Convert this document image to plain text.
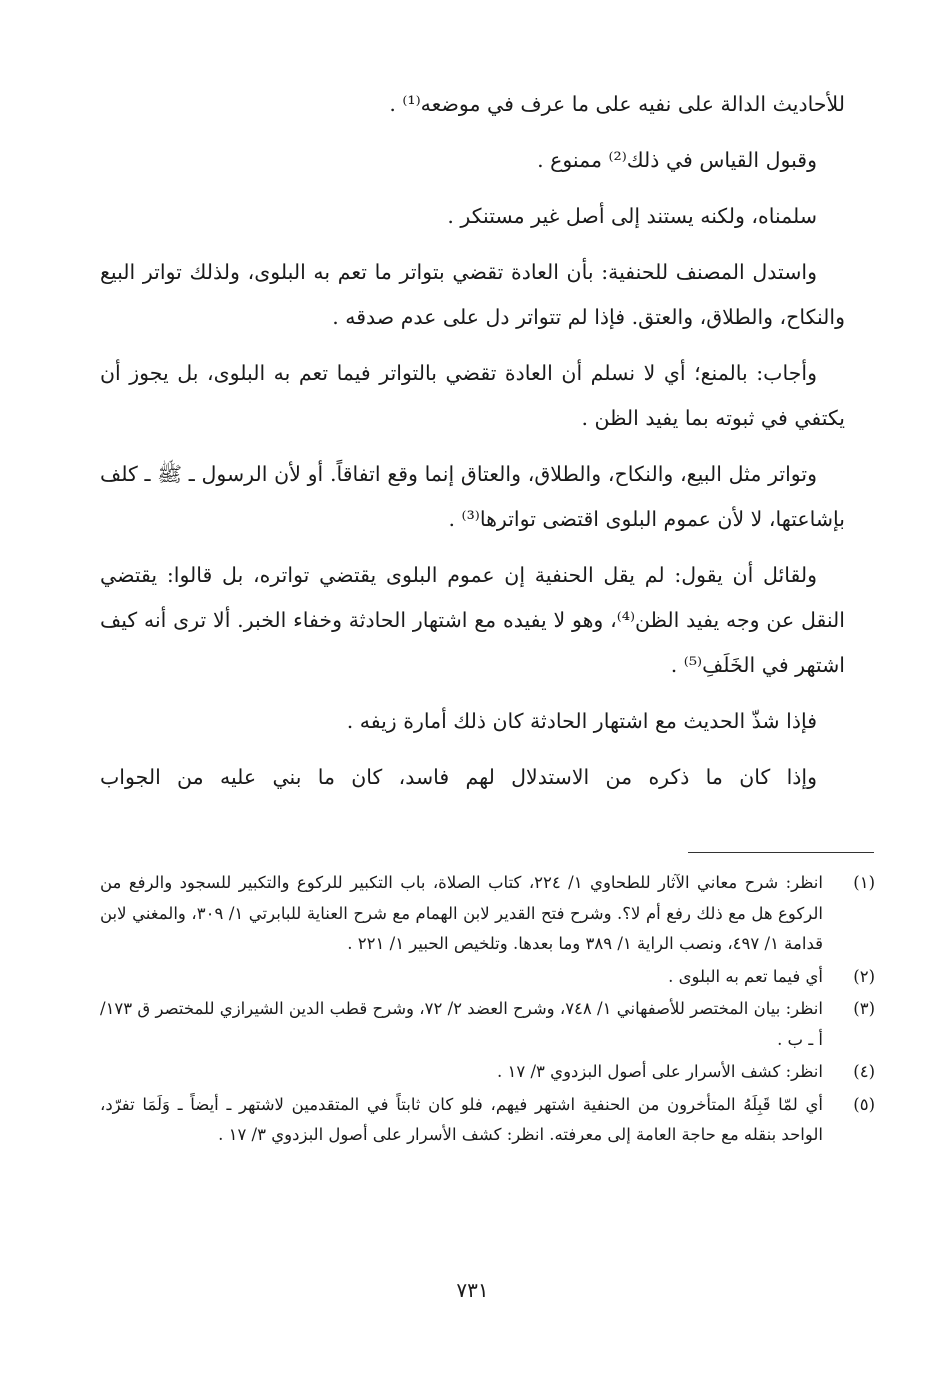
للأحاديث الدالة على نفيه على ما عرف في موضعه⁽¹⁾ .

وقبول القياس في ذلك⁽²⁾ ممنوع .

سلمناه، ولكنه يستند إلى أصل غير مستنكر .

واستدل المصنف للحنفية: بأن العادة تقضي بتواتر ما تعم به البلوى، ولذلك تواتر البيع والنكاح، والطلاق، والعتق. فإذا لم تتواتر دل على عدم صدقه .

وأجاب: بالمنع؛ أي لا نسلم أن العادة تقضي بالتواتر فيما تعم به البلوى، بل يجوز أن يكتفي في ثبوته بما يفيد الظن .

وتواتر مثل البيع، والنكاح، والطلاق، والعتاق إنما وقع اتفاقاً. أو لأن الرسول ـ ﷺ ـ كلف بإشاعتها، لا لأن عموم البلوى اقتضى تواترها⁽³⁾ .

ولقائل أن يقول: لم يقل الحنفية إن عموم البلوى يقتضي تواتره، بل قالوا: يقتضي النقل عن وجه يفيد الظن⁽⁴⁾، وهو لا يفيده مع اشتهار الحادثة وخفاء الخبر. ألا ترى أنه كيف اشتهر في الخَلَفِ⁽⁵⁾ .

فإذا شذّ الحديث مع اشتهار الحادثة كان ذلك أمارة زيفه .

وإذا كان ما ذكره من الاستدلال لهم فاسد، كان ما بني عليه من الجواب

(١)
انظر: شرح معاني الآثار للطحاوي ١/ ٢٢٤، كتاب الصلاة، باب التكبير للركوع والتكبير للسجود والرفع من الركوع هل مع ذلك رفع أم لا؟. وشرح فتح القدير لابن الهمام مع شرح العناية للبابرتي ١/ ٣٠٩، والمغني لابن قدامة ١/ ٤٩٧، ونصب الراية ١/ ٣٨٩ وما بعدها. وتلخيص الحبير ١/ ٢٢١ .
(٢)
أي فيما تعم به البلوى .
(٣)
انظر: بيان المختصر للأصفهاني ١/ ٧٤٨، وشرح العضد ٢/ ٧٢، وشرح قطب الدين الشيرازي للمختصر ق ١٧٣/ أ ـ ب .
(٤)
انظر: كشف الأسرار على أصول البزدوي ٣/ ١٧ .
(٥)
أي لمّا قَبِلَهُ المتأخرون من الحنفية اشتهر فيهم، فلو كان ثابتاً في المتقدمين لاشتهر ـ أيضاً ـ وَلَمَا تفرّد، الواحد بنقله مع حاجة العامة إلى معرفته. انظر: كشف الأسرار على أصول البزدوي ٣/ ١٧ .
٧٣١
